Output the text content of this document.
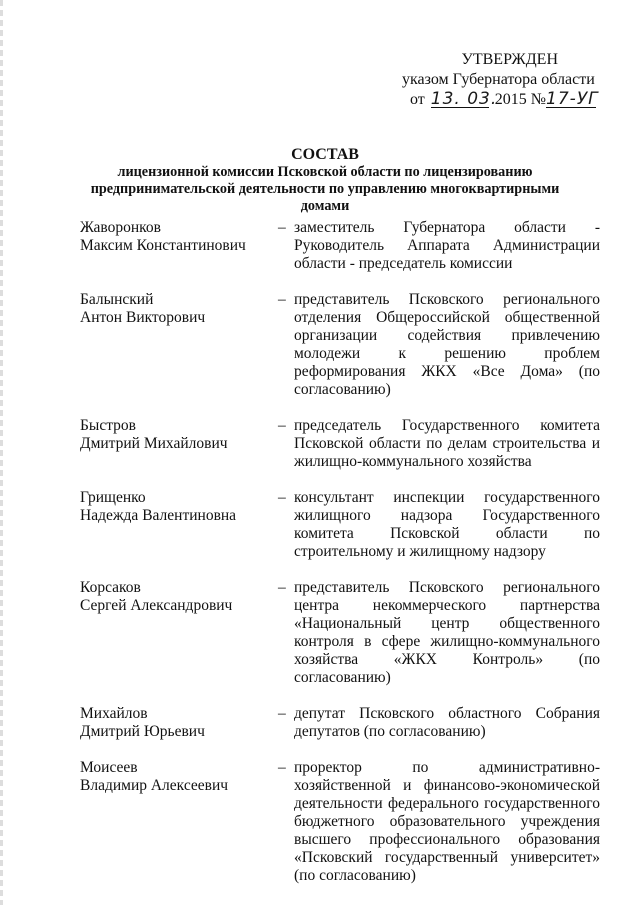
УТВЕРЖДЕН
указом Губернатора области
от 13. 03. 2015 №17-УГ
СОСТАВ
лицензионной комиссии Псковской области по лицензированию предпринимательской деятельности по управлению многоквартирными домами
Жаворонков
Максим Константинович
– заместитель Губернатора области - Руководитель Аппарата Администрации области - председатель комиссии
Балынский
Антон Викторович
– представитель Псковского регионального отделения Общероссийской общественной организации содействия привлечению молодежи к решению проблем реформирования ЖКХ «Все Дома» (по согласованию)
Быстров
Дмитрий Михайлович
– председатель Государственного комитета Псковской области по делам строительства и жилищно-коммунального хозяйства
Грищенко
Надежда Валентиновна
– консультант инспекции государственного жилищного надзора Государственного комитета Псковской области по строительному и жилищному надзору
Корсаков
Сергей Александрович
– представитель Псковского регионального центра некоммерческого партнерства «Национальный центр общественного контроля в сфере жилищно-коммунального хозяйства «ЖКХ Контроль» (по согласованию)
Михайлов
Дмитрий Юрьевич
– депутат Псковского областного Собрания депутатов (по согласованию)
Моисеев
Владимир Алексеевич
– проректор по административно-хозяйственной и финансово-экономической деятельности федерального государственного бюджетного образовательного учреждения высшего профессионального образования «Псковский государственный университет» (по согласованию)
